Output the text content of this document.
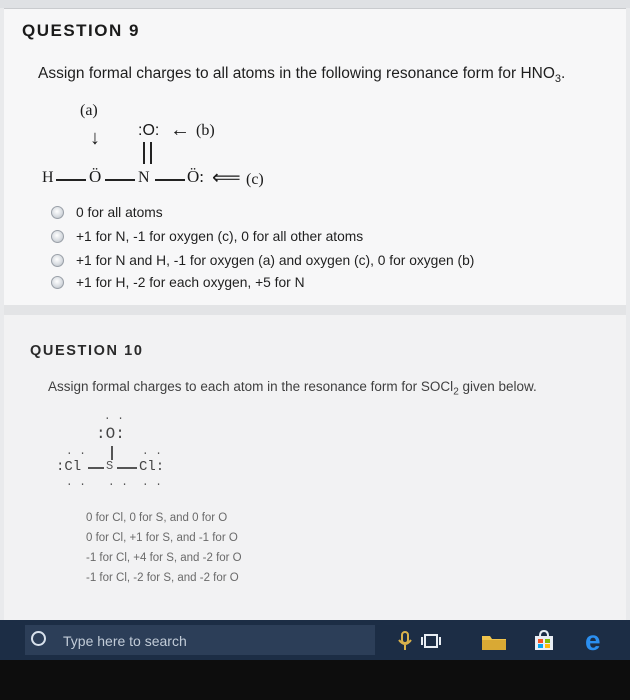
QUESTION 9
Assign formal charges to all atoms in the following resonance form for $HNO_3$.
(a)
↓ :O: ← (b)
H Ö N Ö: ⟸ (c)
0 for all atoms
+1 for N, -1 for oxygen (c), 0 for all other atoms
+1 for N and H, -1 for oxygen (a) and oxygen (c), 0 for oxygen (b)
+1 for H, -2 for each oxygen, +5 for N
QUESTION 10
Assign formal charges to each atom in the resonance form for SOCl$_2$ given below.
. .
:O:
. .	. .
:Cl S Cl:
. . . . . .
0 for Cl, 0 for S, and 0 for O
0 for Cl, +1 for S, and -1 for O
-1 for Cl, +4 for S, and -2 for O
-1 for Cl, -2 for S, and -2 for O
Type here to search	e
